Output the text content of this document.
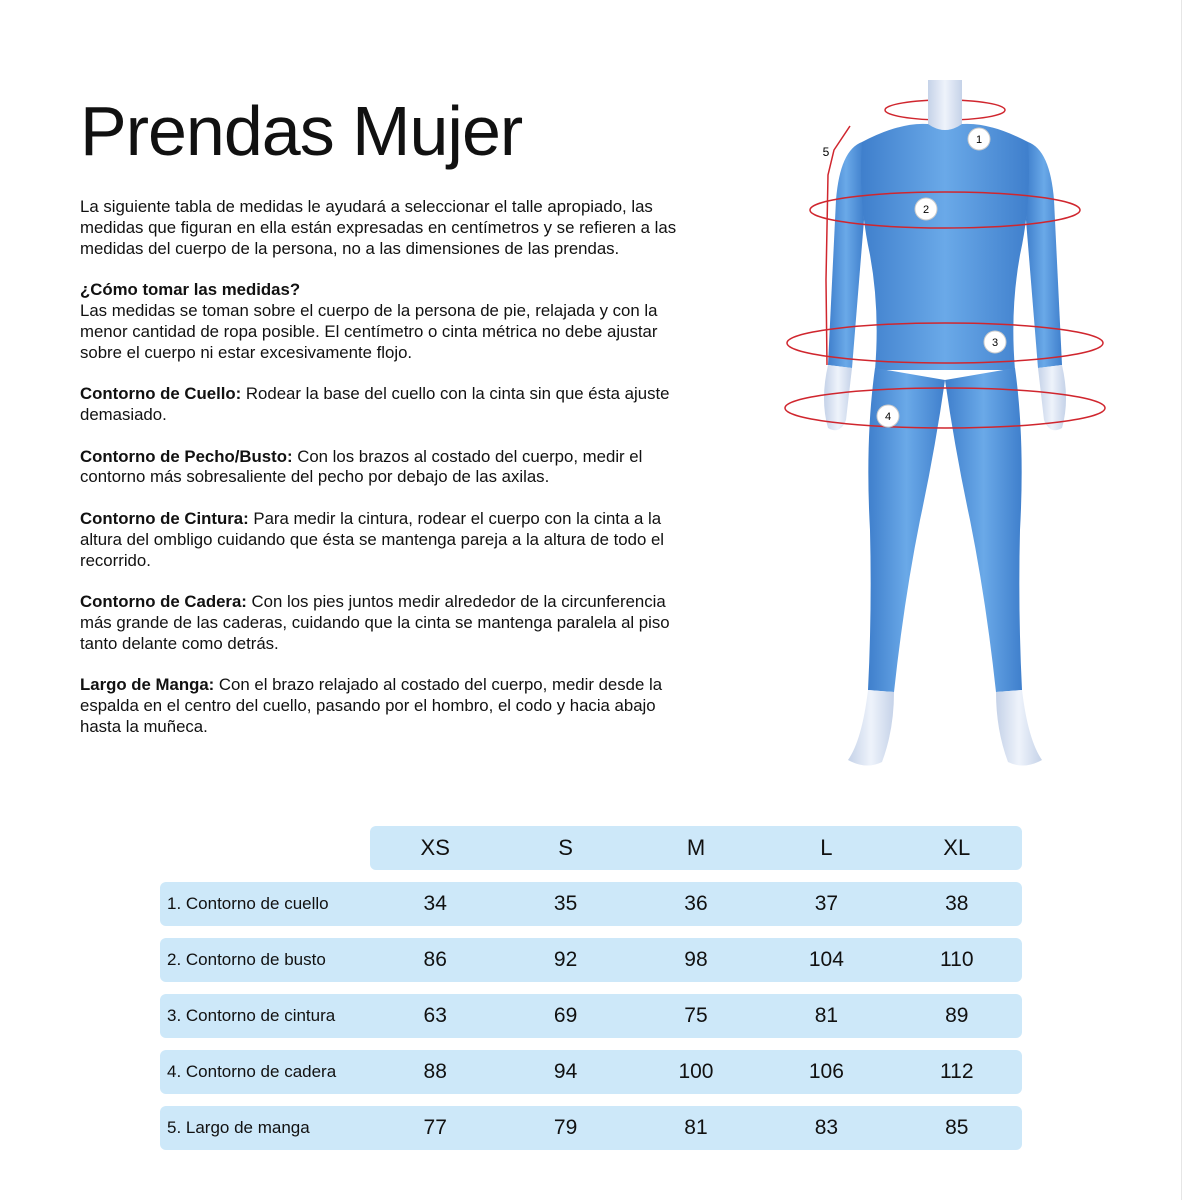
Prendas Mujer

La siguiente tabla de medidas le ayudará a seleccionar el talle apropiado, las medidas que figuran en ella están expresadas en centímetros y se refieren a las medidas del cuerpo de la persona, no a las dimensiones de las prendas.

¿Cómo tomar las medidas?
Las medidas se toman sobre el cuerpo de la persona de pie, relajada y con la menor cantidad de ropa posible. El centímetro o cinta métrica no debe ajustar sobre el cuerpo ni estar excesivamente flojo.

Contorno de Cuello: Rodear la base del cuello con la cinta sin que ésta ajuste demasiado.

Contorno de Pecho/Busto: Con los brazos al costado del cuerpo, medir el contorno más sobresaliente del pecho por debajo de las axilas.

Contorno de Cintura: Para medir la cintura, rodear el cuerpo con la cinta a la altura del ombligo cuidando que ésta se mantenga pareja a la altura de todo el recorrido.

Contorno de Cadera: Con los pies juntos medir alrededor de la circunferencia más grande de las caderas, cuidando que la cinta se mantenga paralela al piso tanto delante como detrás.

Largo de Manga: Con el brazo relajado al costado del cuerpo, medir desde la espalda en el centro del cuello, pasando por el hombro, el codo y hacia abajo hasta la muñeca.

1
2
3
4
5
XS	S	M	L	XL
1. Contorno de cuello	34	35	36	37	38
2. Contorno de busto	86	92	98	104	110
3. Contorno de cintura	63	69	75	81	89
4. Contorno de cadera	88	94	100	106	112
5. Largo de manga	77	79	81	83	85
